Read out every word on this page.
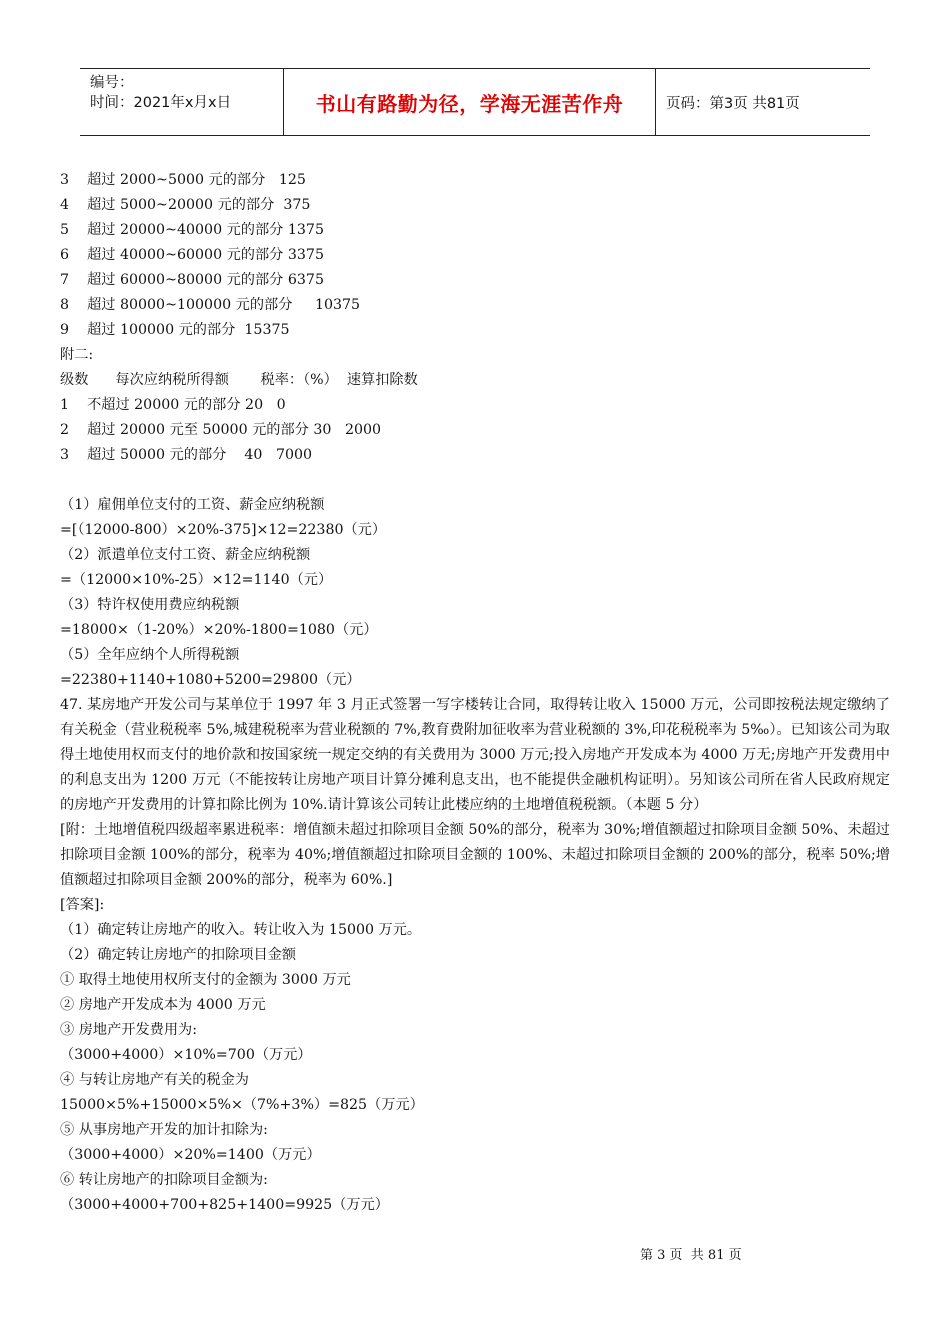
编号：
时间：2021年x月x日	书山有路勤为径，学海无涯苦作舟	页码：第3页 共81页
3    超过 2000~5000 元的部分   125
4    超过 5000~20000 元的部分  375
5    超过 20000~40000 元的部分 1375
6    超过 40000~60000 元的部分 3375
7    超过 60000~80000 元的部分 6375
8    超过 80000~100000 元的部分     10375
9    超过 100000 元的部分  15375
附二:
级数      每次应纳税所得额       税率：（%）  速算扣除数
1    不超过 20000 元的部分 20   0
2    超过 20000 元至 50000 元的部分 30   2000
3    超过 50000 元的部分    40   7000
（1）雇佣单位支付的工资、薪金应纳税额
=[（12000-800）×20%-375]×12=22380（元）
（2）派遣单位支付工资、薪金应纳税额
=（12000×10%-25）×12=1140（元）
（3）特许权使用费应纳税额
=18000×（1-20%）×20%-1800=1080（元）
（5）全年应纳个人所得税额
=22380+1140+1080+5200=29800（元）
47. 某房地产开发公司与某单位于 1997 年 3 月正式签署一写字楼转让合同，取得转让收入 15000 万元，公司即按税法规定缴纳了有关税金（营业税税率 5%,城建税税率为营业税额的 7%,教育费附加征收率为营业税额的 3%,印花税税率为 5‰）。已知该公司为取得土地使用权而支付的地价款和按国家统一规定交纳的有关费用为 3000 万元;投入房地产开发成本为 4000 万无;房地产开发费用中的利息支出为 1200 万元（不能按转让房地产项目计算分摊利息支出，也不能提供金融机构证明）。另知该公司所在省人民政府规定的房地产开发费用的计算扣除比例为 10%.请计算该公司转让此楼应纳的土地增值税税额。（本题 5 分）
[附：土地增值税四级超率累进税率：增值额未超过扣除项目金额 50%的部分，税率为 30%;增值额超过扣除项目金额 50%、未超过扣除项目金额 100%的部分，税率为 40%;增值额超过扣除项目金额的 100%、未超过扣除项目金额的 200%的部分，税率 50%;增值额超过扣除项目金额 200%的部分，税率为 60%.]
[答案]:
（1）确定转让房地产的收入。转让收入为 15000 万元。
（2）确定转让房地产的扣除项目金额
① 取得土地使用权所支付的金额为 3000 万元
② 房地产开发成本为 4000 万元
③ 房地产开发费用为:
（3000+4000）×10%=700（万元）
④ 与转让房地产有关的税金为
15000×5%+15000×5%×（7%+3%）=825（万元）
⑤ 从事房地产开发的加计扣除为:
（3000+4000）×20%=1400（万元）
⑥ 转让房地产的扣除项目金额为:
（3000+4000+700+825+1400=9925（万元）
第 3 页  共 81 页
